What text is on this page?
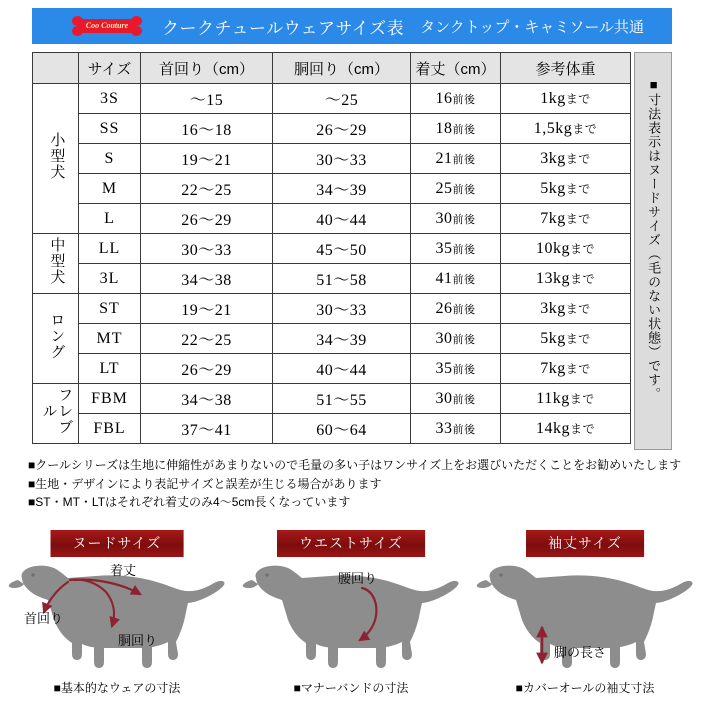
Coo Couture	クークチュールウェアサイズ表 タンクトップ・キャミソール共通
	サイズ	首回り（cm）	胴回り（cm）	着丈（cm）	参考体重
小型犬	3S	〜15	〜25	16前後	1kgまで
	SS	16〜18	26〜29	18前後	1,5kgまで
	S	19〜21	30〜33	21前後	3kgまで
	M	22〜25	34〜39	25前後	5kgまで
	L	26〜29	40〜44	30前後	7kgまで
中型犬	LL	30〜33	45〜50	35前後	10kgまで
	3L	34〜38	51〜58	41前後	13kgまで
ロング	ST	19〜21	30〜33	26前後	3kgまで
	MT	22〜25	34〜39	30前後	5kgまで
	LT	26〜29	40〜44	35前後	7kgまで
フレブル	FBM	34〜38	51〜55	30前後	11kgまで
	FBL	37〜41	60〜64	33前後	14kgまで
■寸法表示はヌードサイズ（毛のない状態）です。
■クールシリーズは生地に伸縮性があまりないので毛量の多い子はワンサイズ上をお選びいただくことをお勧めいたします
■生地・デザインにより表記サイズと誤差が生じる場合があります
■ST・MT・LTはそれぞれ着丈のみ4〜5cm長くなっています
ヌードサイズ
着丈
首回り
胴回り
■基本的なウェアの寸法
ウエストサイズ
腰回り
■マナーバンドの寸法
袖丈サイズ
脚の長さ
■カバーオールの袖丈寸法
